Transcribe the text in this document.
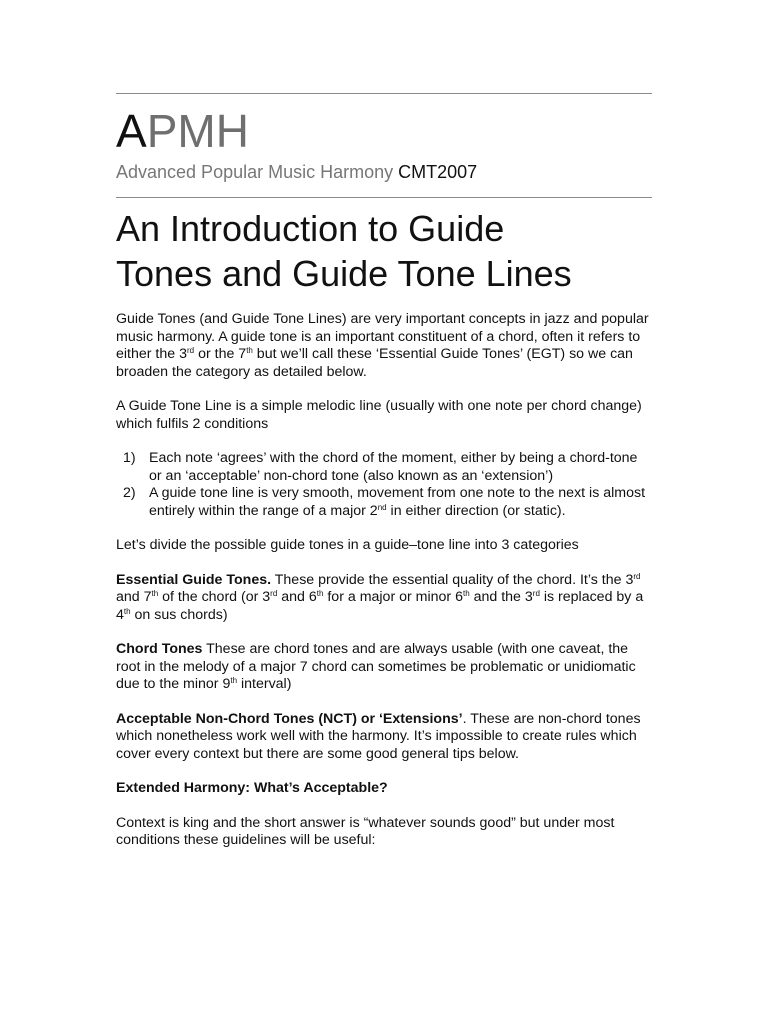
APMH
Advanced Popular Music Harmony CMT2007
An Introduction to Guide
Tones and Guide Tone Lines

Guide Tones (and Guide Tone Lines) are very important concepts in jazz and popular music harmony. A guide tone is an important constituent of a chord, often it refers to either the 3rd or the 7th but we’ll call these ‘Essential Guide Tones’ (EGT) so we can broaden the category as detailed below.

A Guide Tone Line is a simple melodic line (usually with one note per chord change) which fulfils 2 conditions

1) Each note ‘agrees’ with the chord of the moment, either by being a chord-tone or an ‘acceptable’ non-chord tone (also known as an ‘extension’)
2) A guide tone line is very smooth, movement from one note to the next is almost entirely within the range of a major 2nd in either direction (or static).

Let’s divide the possible guide tones in a guide–tone line into 3 categories

Essential Guide Tones. These provide the essential quality of the chord. It’s the 3rd and 7th of the chord (or 3rd and 6th for a major or minor 6th and the 3rd is replaced by a 4th on sus chords)

Chord Tones These are chord tones and are always usable (with one caveat, the root in the melody of a major 7 chord can sometimes be problematic or unidiomatic due to the minor 9th interval)

Acceptable Non-Chord Tones (NCT) or ‘Extensions’. These are non-chord tones which nonetheless work well with the harmony. It’s impossible to create rules which cover every context but there are some good general tips below.

Extended Harmony: What’s Acceptable?

Context is king and the short answer is “whatever sounds good” but under most conditions these guidelines will be useful:
